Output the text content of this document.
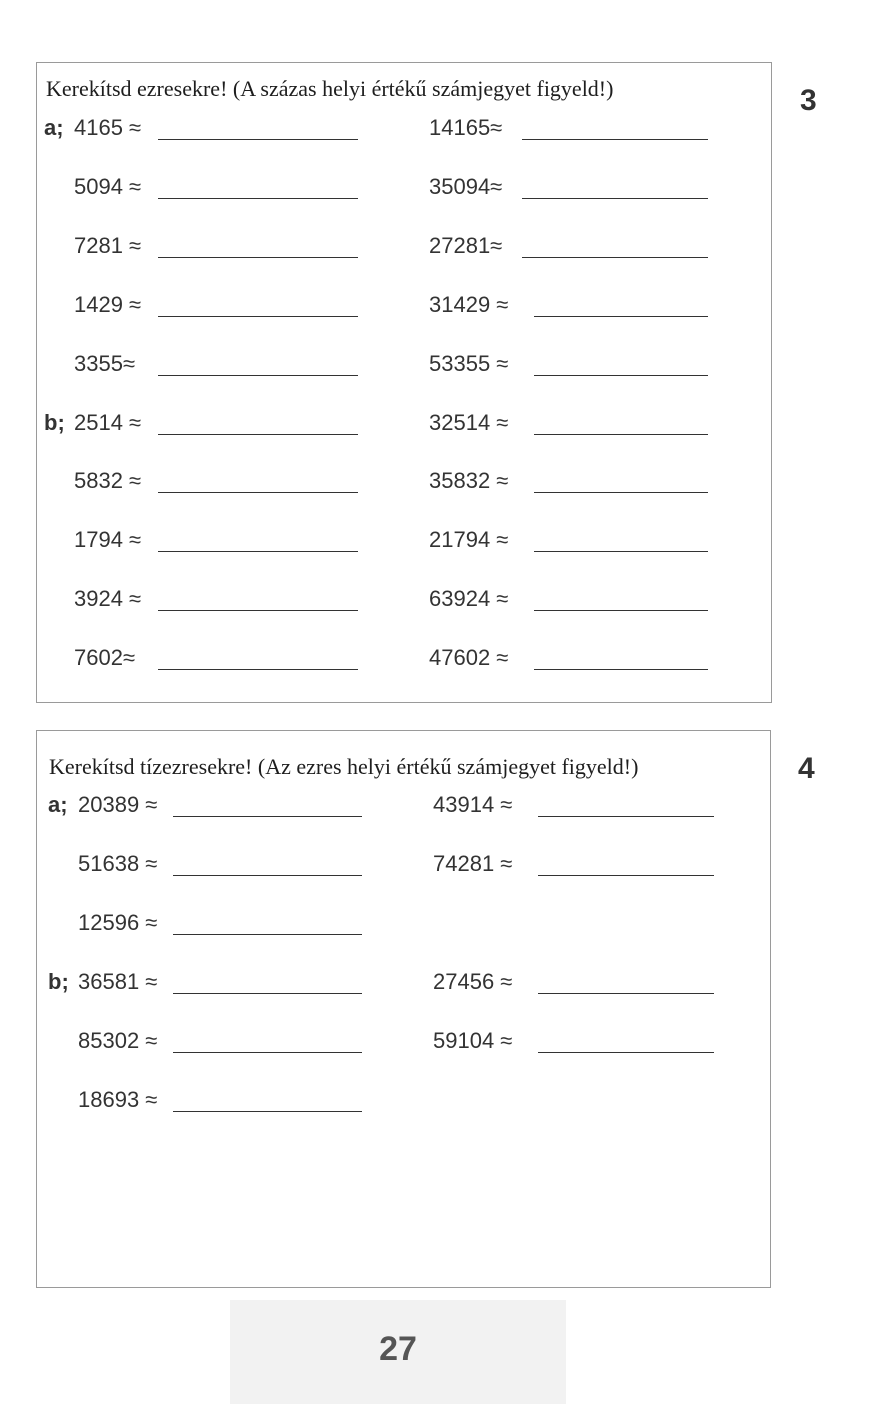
Kerekítsd ezresekre! (A százas helyi értékű számjegyet figyeld!)	3
Kerekítsd tízezresekre! (Az ezres helyi értékű számjegyet figyeld!)	4
a; 4165 ≈
5094 ≈
7281 ≈
1429 ≈
3355≈
b; 2514 ≈
5832 ≈
1794 ≈
3924 ≈
7602≈
14165≈
35094≈
27281≈
31429 ≈
53355 ≈
32514 ≈
35832 ≈
21794 ≈
63924 ≈
47602 ≈
a; 20389 ≈
51638 ≈
12596 ≈
b; 36581 ≈
85302 ≈
18693 ≈
43914 ≈
74281 ≈
27456 ≈
59104 ≈
27
